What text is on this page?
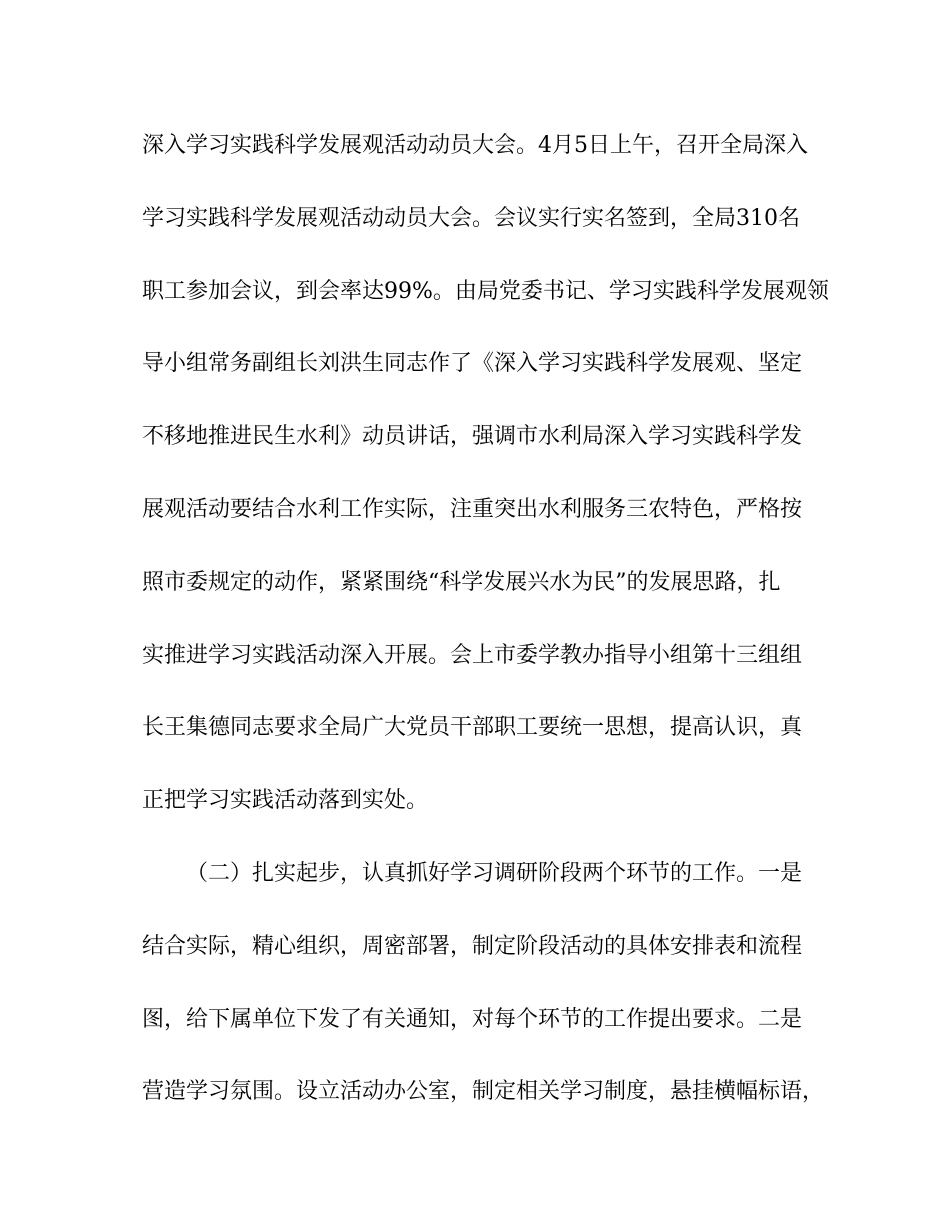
深入学习实践科学发展观活动动员大会。4月5日上午，召开全局深入

学习实践科学发展观活动动员大会。会议实行实名签到，全局310名

职工参加会议，到会率达99%。由局党委书记、学习实践科学发展观领

导小组常务副组长刘洪生同志作了《深入学习实践科学发展观、坚定

不移地推进民生水利》动员讲话，强调市水利局深入学习实践科学发

展观活动要结合水利工作实际，注重突出水利服务三农特色，严格按

照市委规定的动作，紧紧围绕“科学发展兴水为民”的发展思路，扎

实推进学习实践活动深入开展。会上市委学教办指导小组第十三组组

长王集德同志要求全局广大党员干部职工要统一思想，提高认识，真

正把学习实践活动落到实处。

（二）扎实起步，认真抓好学习调研阶段两个环节的工作。一是

结合实际，精心组织，周密部署，制定阶段活动的具体安排表和流程

图，给下属单位下发了有关通知，对每个环节的工作提出要求。二是

营造学习氛围。设立活动办公室，制定相关学习制度，悬挂横幅标语，
